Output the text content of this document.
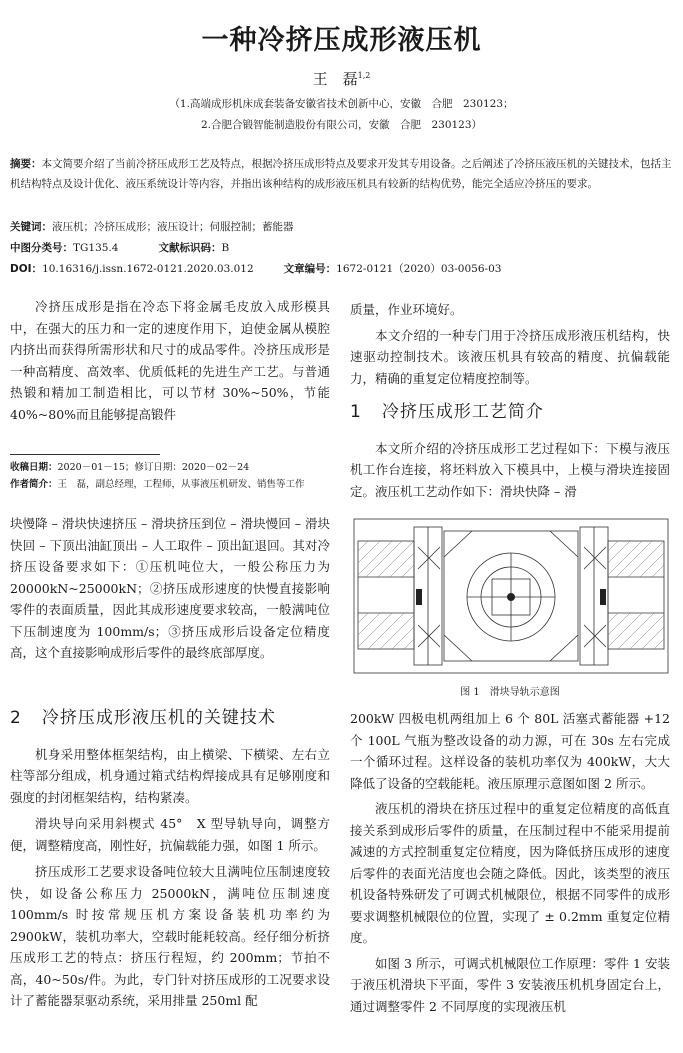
一种冷挤压成形液压机
王　磊$^{1,2}$
（1.高端成形机床成套装备安徽省技术创新中心，安徽　合肥　230123；
2.合肥合锻智能制造股份有限公司，安徽　合肥　230123）
摘要：本文简要介绍了当前冷挤压成形工艺及特点，根据冷挤压成形特点及要求开发其专用设备。之后阐述了冷挤压液压机的关键技术，包括主机结构特点及设计优化、液压系统设计等内容，并指出该种结构的成形液压机具有较新的结构优势，能完全适应冷挤压的要求。
关键词：液压机；冷挤压成形；液压设计；伺服控制；蓄能器
中图分类号：TG135.4	文献标识码：B
DOI：10.16316/j.issn.1672-0121.2020.03.012	文章编号：1672-0121（2020）03-0056-03

冷挤压成形是指在冷态下将金属毛皮放入成形模具中，在强大的压力和一定的速度作用下，迫使金属从模腔内挤出而获得所需形状和尺寸的成品零件。冷挤压成形是一种高精度、高效率、优质低耗的先进生产工艺。与普通热锻和精加工制造相比，可以节材 30%~50%，节能 40%~80%而且能够提高锻件

收稿日期：2020－01－15；修订日期：2020－02－24
作者简介：王　磊，副总经理，工程师，从事液压机研发、销售等工作

块慢降 – 滑块快速挤压 – 滑块挤压到位 – 滑块慢回 – 滑块快回 – 下顶出油缸顶出 – 人工取件 – 顶出缸退回。其对冷挤压设备要求如下：①压机吨位大，一般公称压力为 20000kN~25000kN；②挤压成形速度的快慢直接影响零件的表面质量，因此其成形速度要求较高，一般满吨位下压制速度为 100mm/s；③挤压成形后设备定位精度高，这个直接影响成形后零件的最终底部厚度。

2 冷挤压成形液压机的关键技术

机身采用整体框架结构，由上横梁、下横梁、左右立柱等部分组成，机身通过箱式结构焊接成具有足够刚度和强度的封闭框架结构，结构紧凑。

滑块导向采用斜楔式 45°　X 型导轨导向，调整方便，调整精度高，刚性好，抗偏载能力强，如图 1 所示。

挤压成形工艺要求设备吨位较大且满吨位压制速度较快，如设备公称压力 25000kN，满吨位压制速度 100mm/s 时按常规压机方案设备装机功率约为 2900kW，装机功率大，空载时能耗较高。经仔细分析挤压成形工艺的特点：挤压行程短，约 200mm；节拍不高，40~50s/件。为此，专门针对挤压成形的工况要求设计了蓄能器泵驱动系统，采用排量 250ml 配

质量，作业环境好。

本文介绍的一种专门用于冷挤压成形液压机结构，快速驱动控制技术。该液压机具有较高的精度、抗偏载能力，精确的重复定位精度控制等。

1 冷挤压成形工艺简介

本文所介绍的冷挤压成形工艺过程如下：下模与液压机工作台连接，将坯料放入下模具中，上模与滑块连接固定。液压机工艺动作如下：滑块快降 – 滑

图 1　滑块导轨示意图

200kW 四极电机两组加上 6 个 80L 活塞式蓄能器 +12 个 100L 气瓶为整改设备的动力源，可在 30s 左右完成一个循环过程。这样设备的装机功率仅为 400kW，大大降低了设备的空载能耗。液压原理示意图如图 2 所示。

液压机的滑块在挤压过程中的重复定位精度的高低直接关系到成形后零件的质量，在压制过程中不能采用提前减速的方式控制重复定位精度，因为降低挤压成形的速度后零件的表面光洁度也会随之降低。因此，该类型的液压机设备特殊研发了可调式机械限位，根据不同零件的成形要求调整机械限位的位置，实现了 ± 0.2mm 重复定位精度。

如图 3 所示，可调式机械限位工作原理：零件 1 安装于液压机滑块下平面，零件 3 安装液压机机身固定台上，通过调整零件 2 不同厚度的实现液压机
